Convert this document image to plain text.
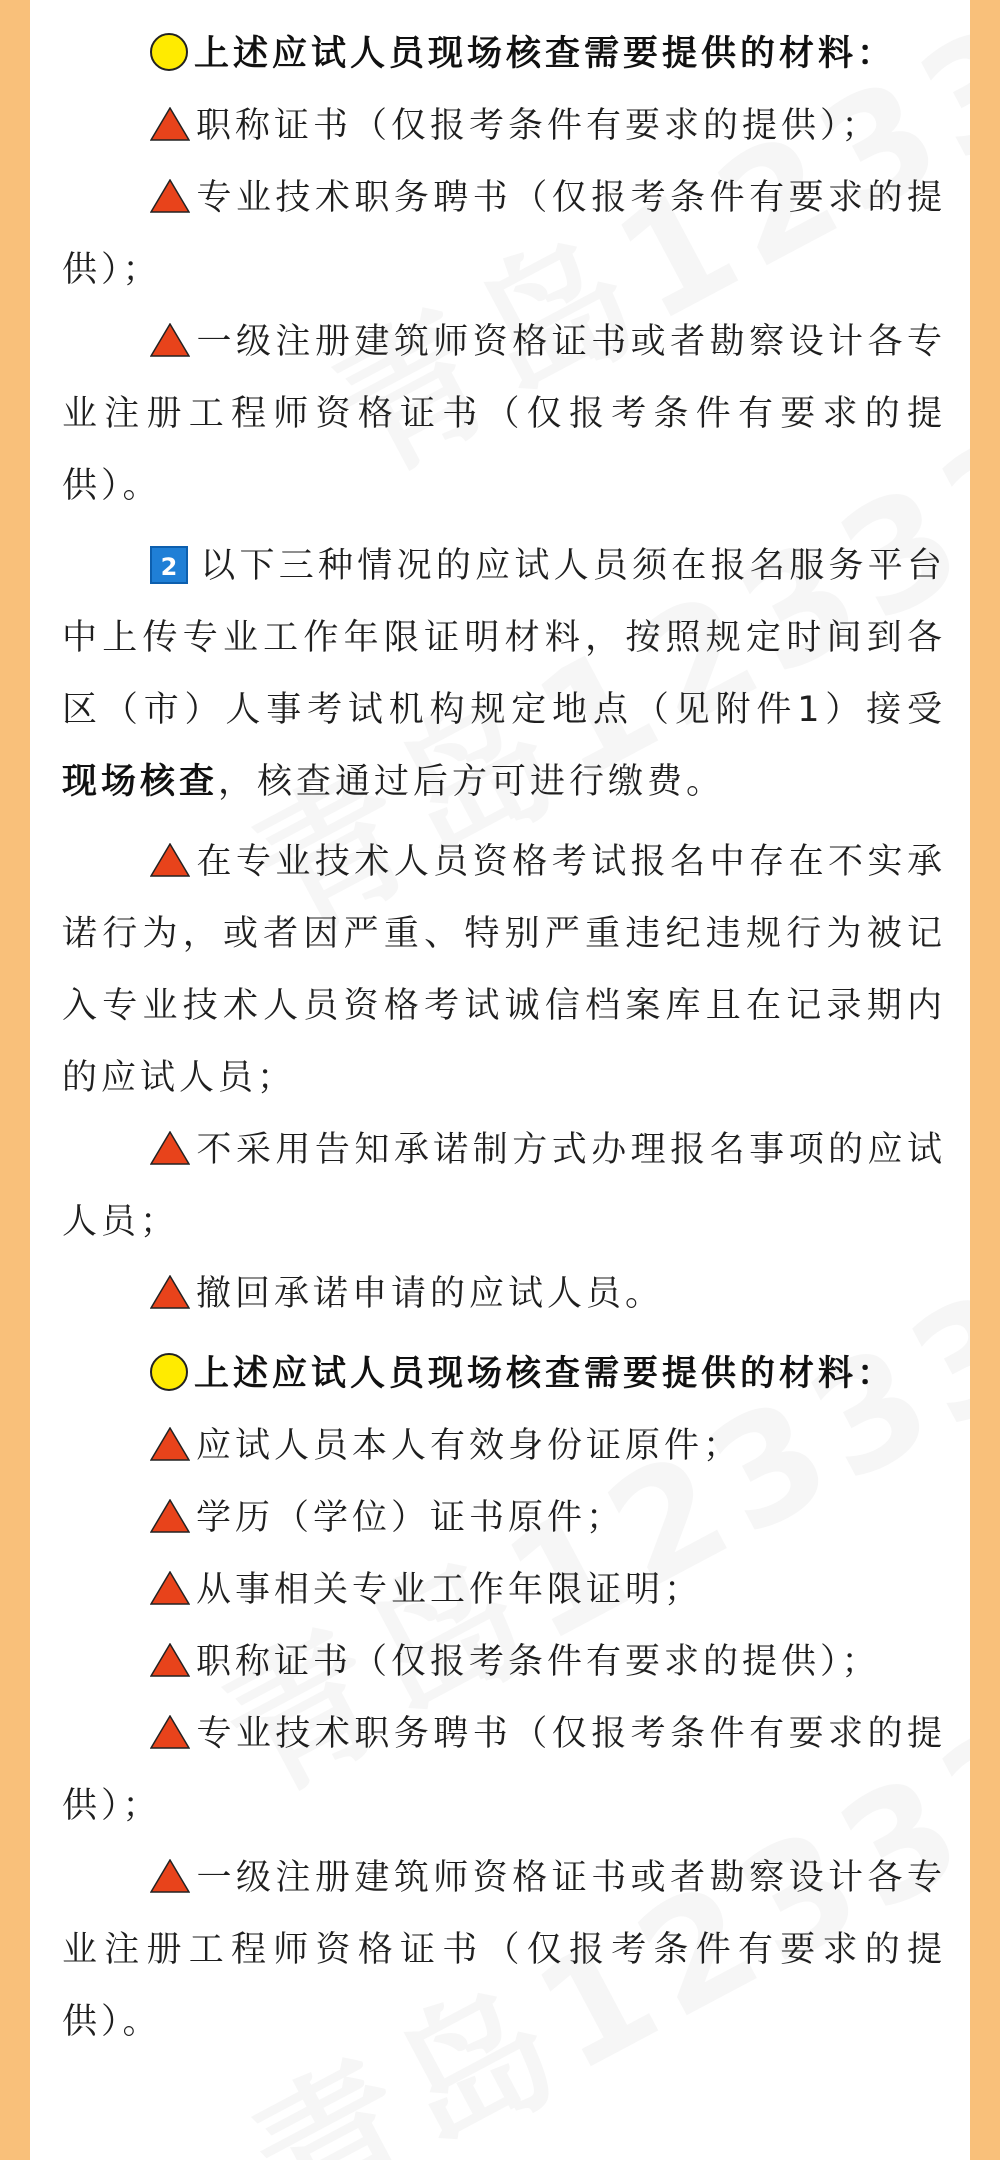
上述应试人员现场核查需要提供的材料：

职称证书（仅报考条件有要求的提供）；

专业技术职务聘书（仅报考条件有要求的提供）；

一级注册建筑师资格证书或者勘察设计各专业注册工程师资格证书（仅报考条件有要求的提供）。

2 以下三种情况的应试人员须在报名服务平台中上传专业工作年限证明材料，按照规定时间到各区（市）人事考试机构规定地点（见附件1）接受现场核查，核查通过后方可进行缴费。

在专业技术人员资格考试报名中存在不实承诺行为，或者因严重、特别严重违纪违规行为被记入专业技术人员资格考试诚信档案库且在记录期内的应试人员；

不采用告知承诺制方式办理报名事项的应试人员；

撤回承诺申请的应试人员。

上述应试人员现场核查需要提供的材料：

应试人员本人有效身份证原件；

学历（学位）证书原件；

从事相关专业工作年限证明；

职称证书（仅报考条件有要求的提供）；

专业技术职务聘书（仅报考条件有要求的提供）；

一级注册建筑师资格证书或者勘察设计各专业注册工程师资格证书（仅报考条件有要求的提供）。
